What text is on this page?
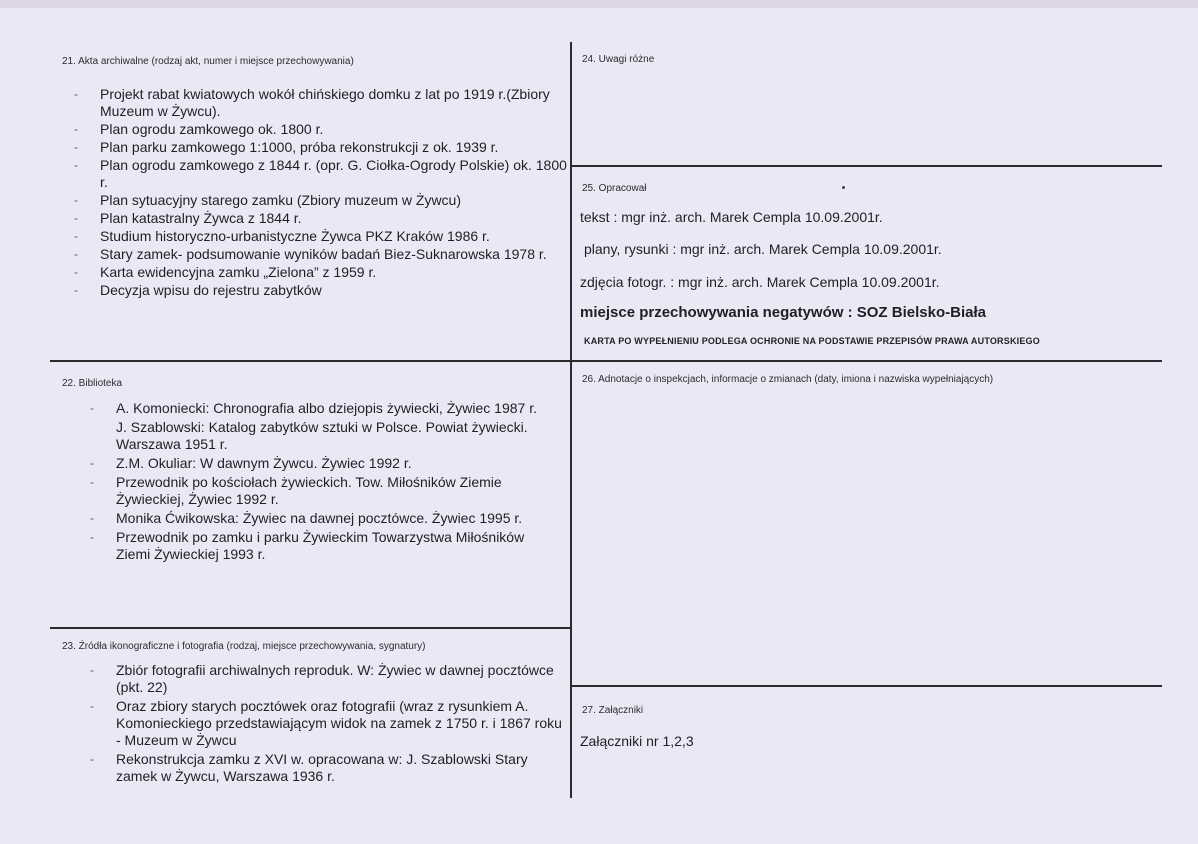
21. Akta archiwalne (rodzaj akt, numer i miejsce przechowywania)
- Projekt rabat kwiatowych wokół chińskiego domku z lat po 1919 r.(Zbiory Muzeum w Żywcu).
- Plan ogrodu zamkowego ok. 1800 r.
- Plan parku zamkowego 1:1000, próba rekonstrukcji z ok. 1939 r.
- Plan ogrodu zamkowego z 1844 r. (opr. G. Ciołka-Ogrody Polskie) ok. 1800 r.
- Plan sytuacyjny starego zamku (Zbiory muzeum w Żywcu)
- Plan katastralny Żywca z 1844 r.
- Studium historyczno-urbanistyczne Żywca PKZ Kraków 1986 r.
- Stary zamek- podsumowanie wyników badań Biez-Suknarowska 1978 r.
- Karta ewidencyjna zamku „Zielona” z 1959 r.
- Decyzja wpisu do rejestru zabytków
24. Uwagi różne
25. Opracował
tekst : mgr inż. arch. Marek Cempla 10.09.2001r.
plany, rysunki : mgr inż. arch. Marek Cempla 10.09.2001r.
zdjęcia fotogr. : mgr inż. arch. Marek Cempla 10.09.2001r.
miejsce przechowywania negatywów : SOZ Bielsko-Biała
KARTA PO WYPEŁNIENIU PODLEGA OCHRONIE NA PODSTAWIE PRZEPISÓW PRAWA AUTORSKIEGO
22. Biblioteka
- A. Komoniecki: Chronografia albo dziejopis żywiecki, Żywiec 1987 r.
J. Szablowski: Katalog zabytków sztuki w Polsce. Powiat żywiecki. Warszawa 1951 r.
- Z.M. Okuliar: W dawnym Żywcu. Żywiec 1992 r.
- Przewodnik po kościołach żywieckich. Tow. Miłośników Ziemie Żywieckiej, Żywiec 1992 r.
- Monika Ćwikowska: Żywiec na dawnej pocztówce. Żywiec 1995 r.
- Przewodnik po zamku i parku Żywieckim Towarzystwa Miłośników Ziemi Żywieckiej 1993 r.
26. Adnotacje o inspekcjach, informacje o zmianach (daty, imiona i nazwiska wypełniających)
23. Źródła ikonograficzne i fotografia (rodzaj, miejsce przechowywania, sygnatury)
- Zbiór fotografii archiwalnych reproduk. W: Żywiec w dawnej pocztówce (pkt. 22)
- Oraz zbiory starych pocztówek oraz fotografii (wraz z rysunkiem A. Komonieckiego przedstawiającym widok na zamek z 1750 r. i 1867 roku - Muzeum w Żywcu
- Rekonstrukcja zamku z XVI w. opracowana w: J. Szablowski Stary zamek w Żywcu, Warszawa 1936 r.
27. Załączniki
Załączniki nr 1,2,3
